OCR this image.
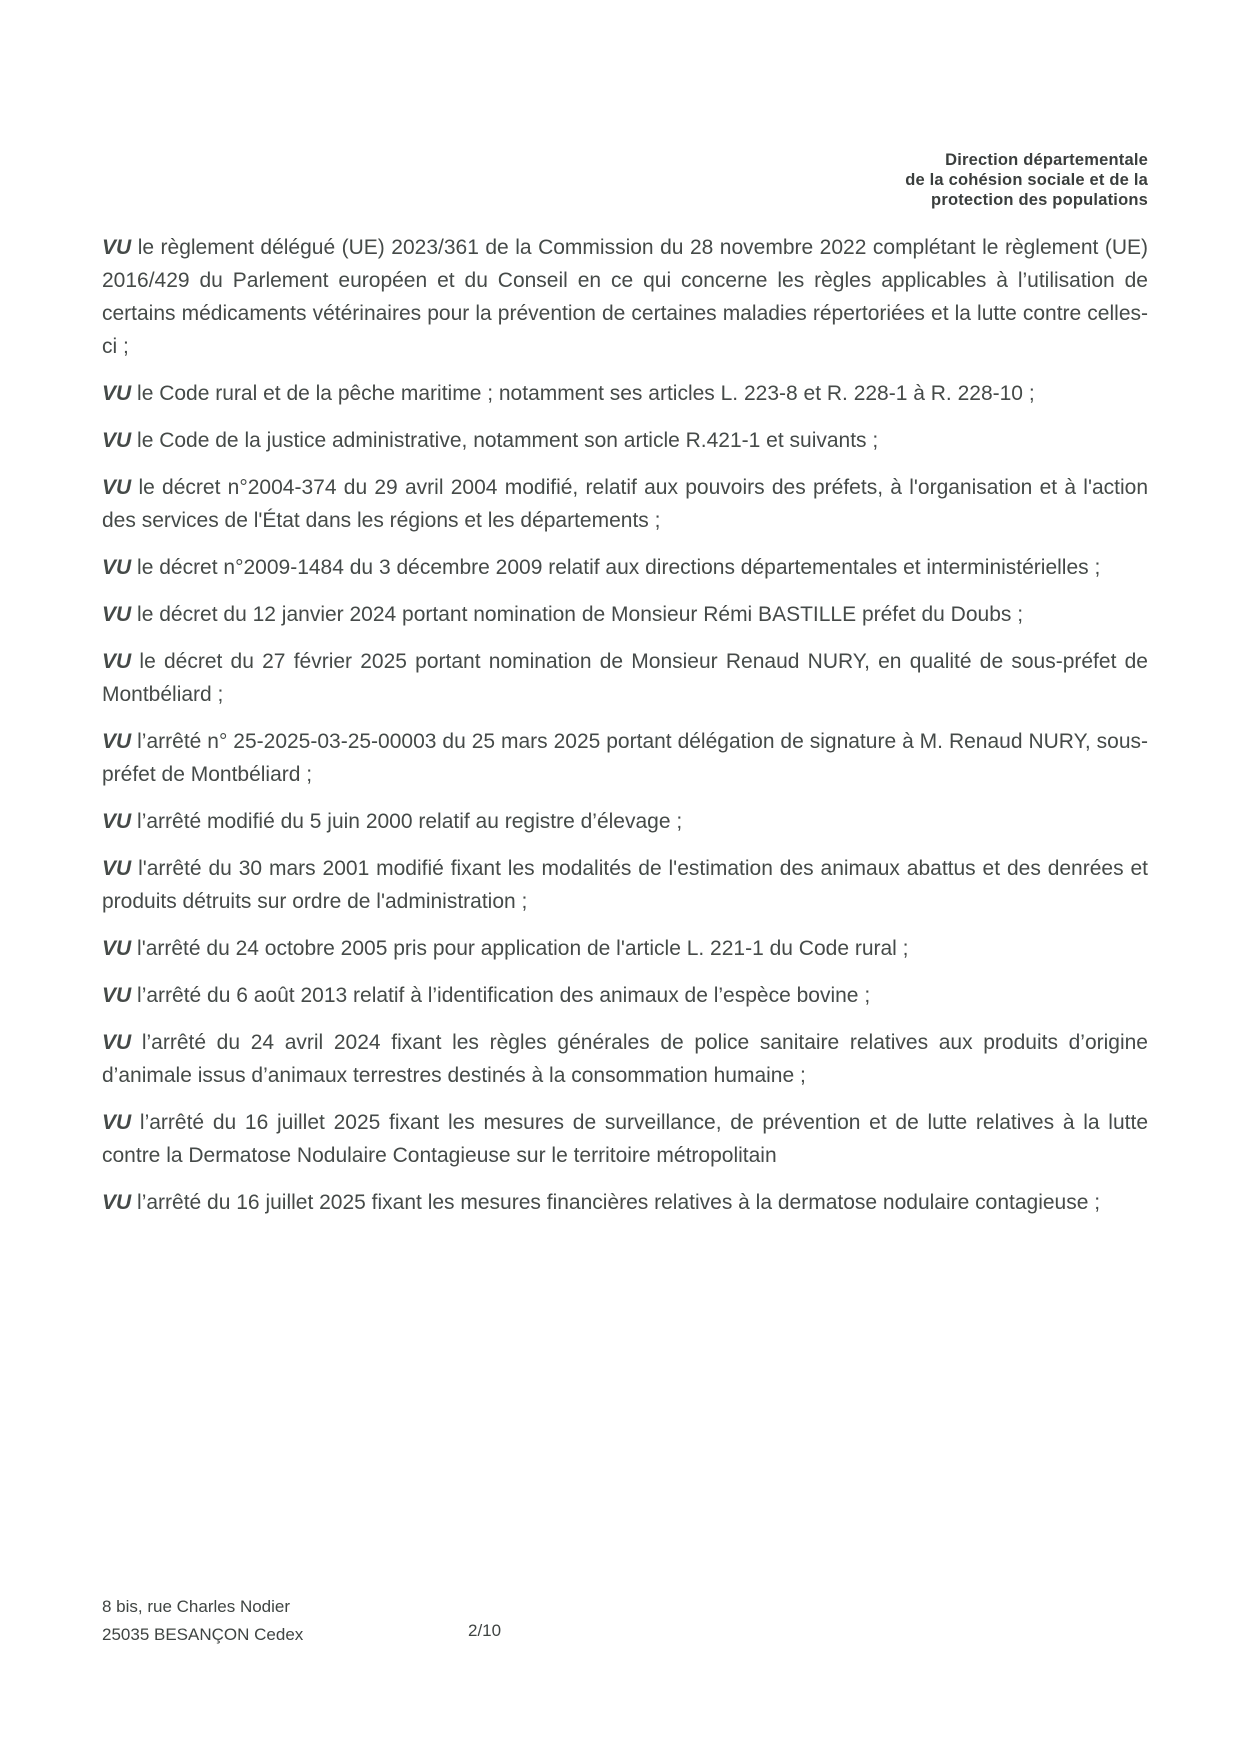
Direction départementale
de la cohésion sociale et de la
protection des populations

VU le règlement délégué (UE) 2023/361 de la Commission du 28 novembre 2022 complétant le règlement (UE) 2016/429 du Parlement européen et du Conseil en ce qui concerne les règles applicables à l’utilisation de certains médicaments vétérinaires pour la prévention de certaines maladies répertoriées et la lutte contre celles-ci ;

VU le Code rural et de la pêche maritime ; notamment ses articles L. 223-8 et R. 228-1 à R. 228-10 ;

VU le Code de la justice administrative, notamment son article R.421-1 et suivants ;

VU le décret n°2004-374 du 29 avril 2004 modifié, relatif aux pouvoirs des préfets, à l'organisation et à l'action des services de l'État dans les régions et les départements ;

VU le décret n°2009-1484 du 3 décembre 2009 relatif aux directions départementales et interministérielles ;

VU le décret du 12 janvier 2024 portant nomination de Monsieur Rémi BASTILLE préfet du Doubs ;

VU le décret du 27 février 2025 portant nomination de Monsieur Renaud NURY, en qualité de sous-préfet de Montbéliard ;

VU l’arrêté n° 25-2025-03-25-00003 du 25 mars 2025 portant délégation de signature à M. Renaud NURY, sous-préfet de Montbéliard ;

VU l’arrêté modifié du 5 juin 2000 relatif au registre d’élevage ;

VU l'arrêté du 30 mars 2001 modifié fixant les modalités de l'estimation des animaux abattus et des denrées et produits détruits sur ordre de l'administration ;

VU l'arrêté du 24 octobre 2005 pris pour application de l'article L. 221-1 du Code rural ;

VU l’arrêté du 6 août 2013 relatif à l’identification des animaux de l’espèce bovine ;

VU l’arrêté du 24 avril 2024 fixant les règles générales de police sanitaire relatives aux produits d’origine d’animale issus d’animaux terrestres destinés à la consommation humaine ;

VU l’arrêté du 16 juillet 2025 fixant les mesures de surveillance, de prévention et de lutte relatives à la lutte contre la Dermatose Nodulaire Contagieuse sur le territoire métropolitain

VU l’arrêté du 16 juillet 2025 fixant les mesures financières relatives à la dermatose nodulaire contagieuse ;

8 bis, rue Charles Nodier
25035 BESANÇON Cedex	2/10
